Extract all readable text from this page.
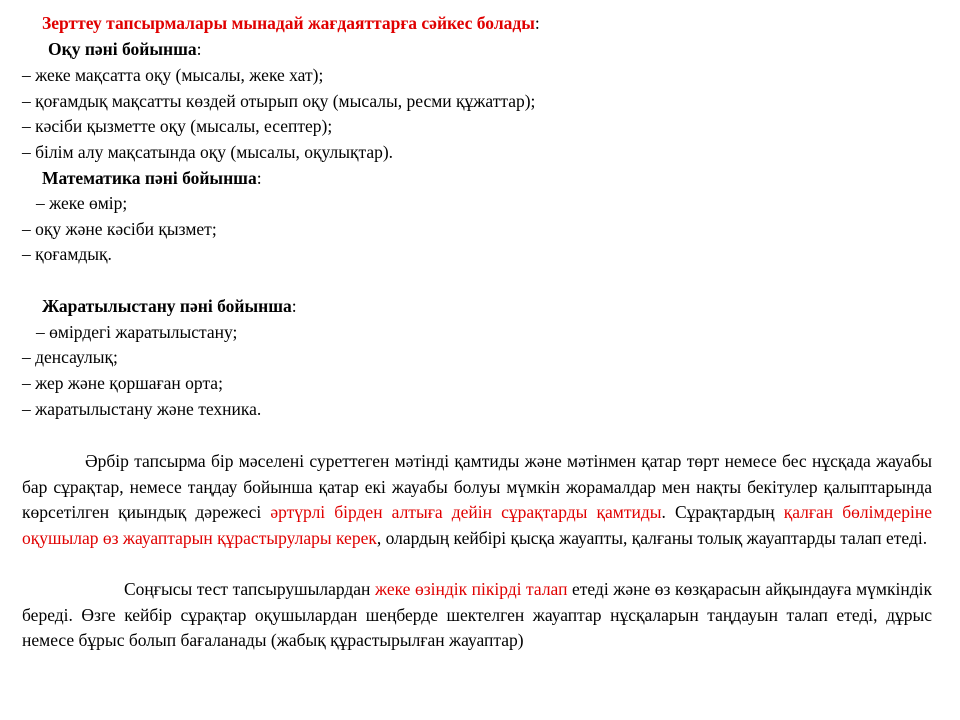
Зерттеу тапсырмалары мынадай жағдаяттарға сәйкес болады:
Оқу пәні бойынша:
– жеке мақсатта оқу (мысалы, жеке хат);
– қоғамдық мақсатты көздей отырып оқу (мысалы, ресми құжаттар);
– кәсіби қызметте оқу (мысалы, есептер);
– білім алу мақсатында оқу (мысалы, оқулықтар).
Математика пәні бойынша:
– жеке өмір;
– оқу және кәсіби қызмет;
– қоғамдық.
Жаратылыстану пәні бойынша:
– өмірдегі жаратылыстану;
– денсаулық;
– жер және қоршаған орта;
– жаратылыстану және техника.
Әрбір тапсырма бір мәселені суреттеген мәтінді қамтиды және мәтінмен қатар төрт немесе бес нұсқада жауабы бар сұрақтар, немесе таңдау бойынша қатар екі жауабы болуы мүмкін жорамалдар мен нақты бекітулер қалыптарында көрсетілген қиындық дәрежесі әртүрлі бірден алтыға дейін сұрақтарды қамтиды. Сұрақтардың қалған бөлімдеріне оқушылар өз жауаптарын құрастырулары керек, олардың кейбірі қысқа жауапты, қалғаны толық жауаптарды талап етеді.
Соңғысы тест тапсырушылардан жеке өзіндік пікірді талап етеді және өз көзқарасын айқындауға мүмкіндік береді. Өзге кейбір сұрақтар оқушылардан шеңберде шектелген жауаптар нұсқаларын таңдауын талап етеді, дұрыс немесе бұрыс болып бағаланады (жабық құрастырылған жауаптар)
